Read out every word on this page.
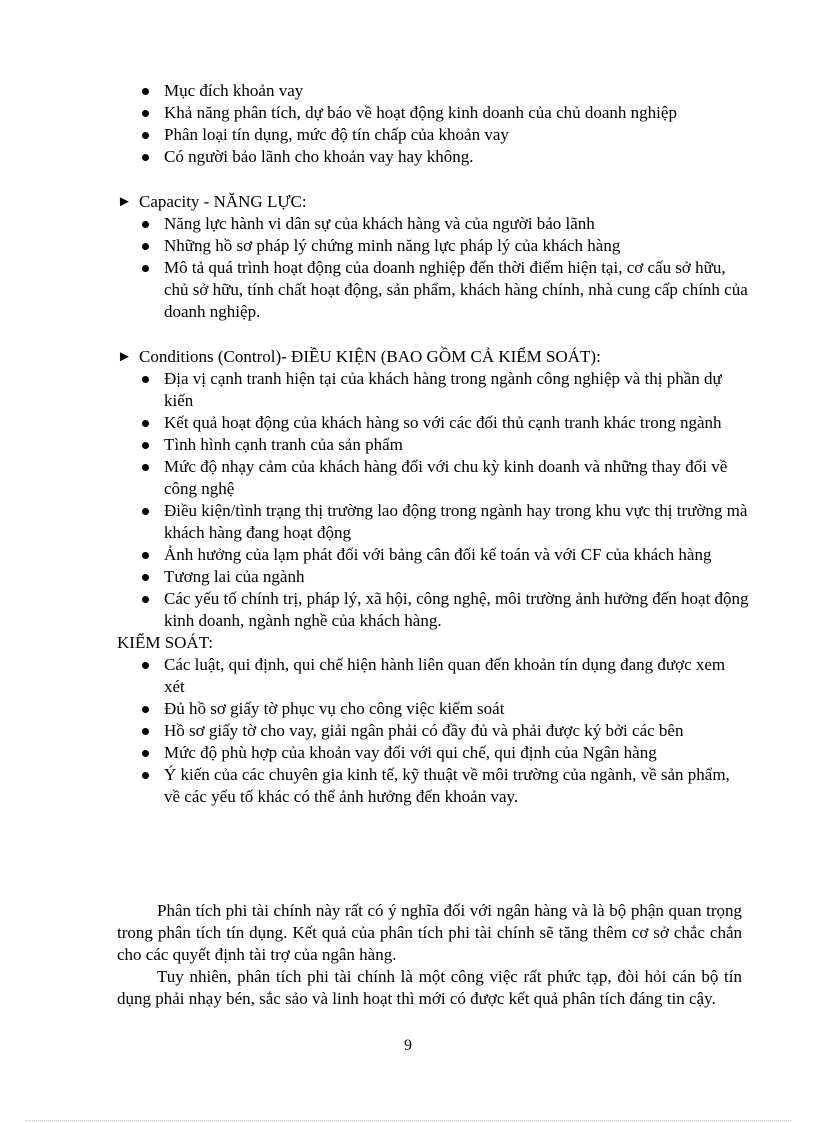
Mục đích khoản vay
Khả năng phân tích, dự báo về hoạt động kinh doanh của chủ doanh nghiệp
Phân loại tín dụng, mức độ tín chấp của khoản vay
Có người bảo lãnh cho khoản vay hay không.
► Capacity - NĂNG LỰC:
Năng lực hành vi dân sự của khách hàng và của người bảo lãnh
Những hồ sơ pháp lý chứng minh năng lực pháp lý của khách hàng
Mô tả quá trình hoạt động của doanh nghiệp đến thời điểm hiện tại, cơ cấu sở hữu, chủ sở hữu, tính chất hoạt động, sản phẩm, khách hàng chính, nhà cung cấp chính của doanh nghiệp.
► Conditions (Control)- ĐIỀU KIỆN (BAO GỒM CẢ KIỂM SOÁT):
Địa vị cạnh tranh hiện tại của khách hàng trong ngành công nghiệp và thị phần dự kiến
Kết quả hoạt động của khách hàng so với các đối thủ cạnh tranh khác trong ngành
Tình hình cạnh tranh của sản phẩm
Mức độ nhạy cảm của khách hàng đối với chu kỳ kinh doanh và những thay đổi về công nghệ
Điều kiện/tình trạng thị trường lao động trong ngành hay trong khu vực thị trường mà khách hàng đang hoạt động
Ảnh hưởng của lạm phát đối với bảng cân đối kế toán và với CF của khách hàng
Tương lai của ngành
Các yếu tố chính trị, pháp lý, xã hội, công nghệ, môi trường ảnh hưởng đến hoạt động kinh doanh, ngành nghề của khách hàng.
KIỂM SOÁT:
Các luật, qui định, qui chế hiện hành liên quan đến khoản tín dụng đang được xem xét
Đủ hồ sơ giấy tờ phục vụ cho công việc kiểm soát
Hồ sơ giấy tờ cho vay, giải ngân phải có đầy đủ và phải được ký bởi các bên
Mức độ phù hợp của khoản vay đối với qui chế, qui định của Ngân hàng
Ý kiến của các chuyên gia kinh tế, kỹ thuật về môi trường của ngành, về sản phẩm, về các yếu tố khác có thể ảnh hưởng đến khoản vay.

Phân tích phi tài chính này rất có ý nghĩa đối với ngân hàng và là bộ phận quan trọng trong phân tích tín dụng. Kết quả của phân tích phi tài chính sẽ tăng thêm cơ sở chắc chắn cho các quyết định tài trợ của ngân hàng.

Tuy nhiên, phân tích phi tài chính là một công việc rất phức tạp, đòi hỏi cán bộ tín dụng phải nhạy bén, sắc sảo và linh hoạt thì mới có được kết quả phân tích đáng tin cậy.

9
